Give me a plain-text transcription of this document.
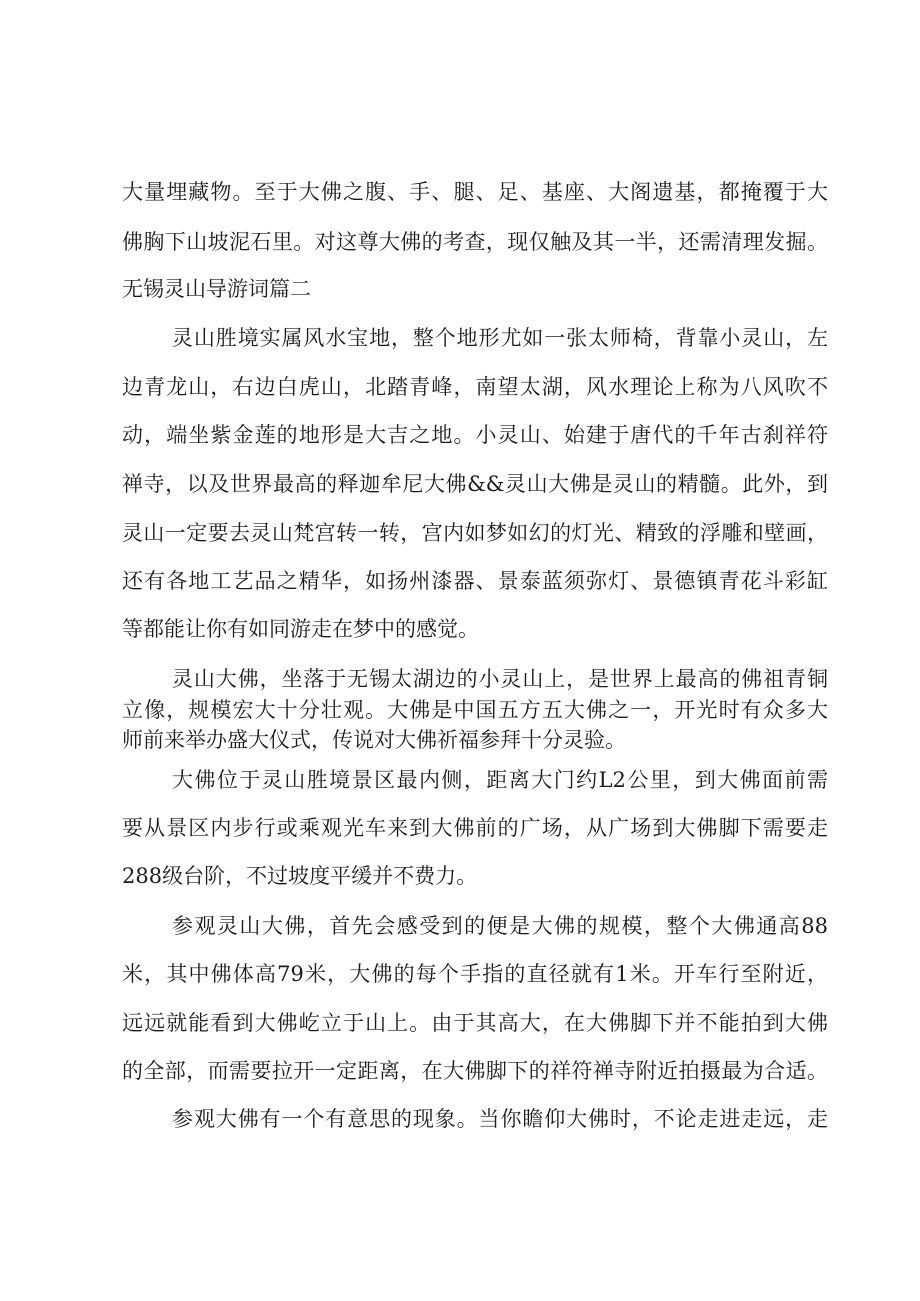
大量埋藏物。至于大佛之腹、手、腿、足、基座、大阁遗基，都掩覆于大
佛胸下山坡泥石里。对这尊大佛的考查，现仅触及其一半，还需清理发掘。
无锡灵山导游词篇二
灵山胜境实属风水宝地，整个地形尤如一张太师椅，背靠小灵山，左
边青龙山，右边白虎山，北踏青峰，南望太湖，风水理论上称为八风吹不
动，端坐紫金莲的地形是大吉之地。小灵山、始建于唐代的千年古刹祥符
禅寺，以及世界最高的释迦牟尼大佛&&灵山大佛是灵山的精髓。此外，到
灵山一定要去灵山梵宫转一转，宫内如梦如幻的灯光、精致的浮雕和壁画，
还有各地工艺品之精华，如扬州漆器、景泰蓝须弥灯、景德镇青花斗彩缸
等都能让你有如同游走在梦中的感觉。
灵山大佛，坐落于无锡太湖边的小灵山上，是世界上最高的佛祖青铜
立像，规模宏大十分壮观。大佛是中国五方五大佛之一，开光时有众多大
师前来举办盛大仪式，传说对大佛祈福参拜十分灵验。
大佛位于灵山胜境景区最内侧，距离大门约L2公里，到大佛面前需
要从景区内步行或乘观光车来到大佛前的广场，从广场到大佛脚下需要走
288级台阶，不过坡度平缓并不费力。
参观灵山大佛，首先会感受到的便是大佛的规模，整个大佛通高88
米，其中佛体高79米，大佛的每个手指的直径就有1米。开车行至附近，
远远就能看到大佛屹立于山上。由于其高大，在大佛脚下并不能拍到大佛
的全部，而需要拉开一定距离，在大佛脚下的祥符禅寺附近拍摄最为合适。
参观大佛有一个有意思的现象。当你瞻仰大佛时，不论走进走远，走
